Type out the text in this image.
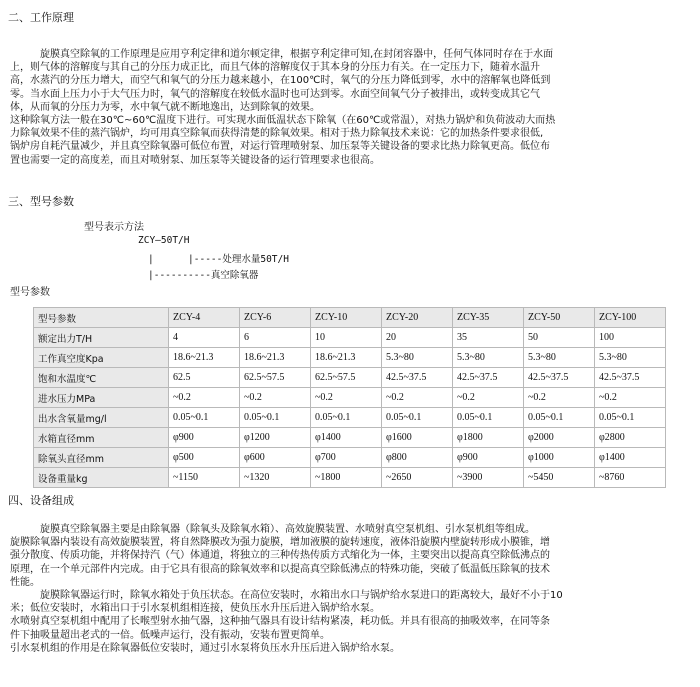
二、工作原理
旋膜真空除氧的工作原理是应用亨利定律和道尔顿定律，根据亨利定律可知,在封闭容器中，任何气体同时存在于水面
上，则气体的溶解度与其自己的分压力成正比，而且气体的溶解度仅于其本身的分压力有关。在一定压力下，随着水温升
高，水蒸汽的分压力增大，而空气和氧气的分压力越来越小，在100℃时，氧气的分压力降低到零，水中的溶解氧也降低到
零。当水面上压力小于大气压力时，氧气的溶解度在较低水温时也可达到零。水面空间氧气分子被排出，或转变成其它气
体，从而氧的分压力为零，水中氧气就不断地逸出，达到除氧的效果。
这种除氧方法一般在30℃~60℃温度下进行。可实现水面低温状态下除氧（在60℃或常温），对热力锅炉和负荷波动大而热
力除氧效果不佳的蒸汽锅炉，均可用真空除氧而获得清楚的除氧效果。相对于热力除氧技术来说：它的加热条件要求很低,
锅炉房自耗汽量减少，并且真空除氧器可低位布置，对运行管理喷射泵、加压泵等关键设备的要求比热力除氧更高。低位布
置也需要一定的高度差，而且对喷射泵、加压泵等关键设备的运行管理要求也很高。
三、型号参数
型号表示方法
ZCY—50T/H
|      |-----处理水量50T/H
|----------真空除氧器
型号参数
型号参数	ZCY-4	ZCY-6	ZCY-10	ZCY-20	ZCY-35	ZCY-50	ZCY-100
额定出力T/H	4	6	10	20	35	50	100
工作真空度Kpa	18.6~21.3	18.6~21.3	18.6~21.3	5.3~80	5.3~80	5.3~80	5.3~80
饱和水温度℃	62.5	62.5~57.5	62.5~57.5	42.5~37.5	42.5~37.5	42.5~37.5	42.5~37.5
进水压力MPa	~0.2	~0.2	~0.2	~0.2	~0.2	~0.2	~0.2
出水含氧量mg/l	0.05~0.1	0.05~0.1	0.05~0.1	0.05~0.1	0.05~0.1	0.05~0.1	0.05~0.1
水箱直径mm	φ900	φ1200	φ1400	φ1600	φ1800	φ2000	φ2800
除氧头直径mm	φ500	φ600	φ700	φ800	φ900	φ1000	φ1400
设备重量kg	~1150	~1320	~1800	~2650	~3900	~5450	~8760
四、设备组成
旋膜真空除氧器主要是由除氧器（除氧头及除氧水箱）、高效旋膜装置、水喷射真空泵机组、引水泵机组等组成。
旋膜除氧器内装设有高效旋膜装置，将自然降膜改为强力旋膜，增加液膜的旋转速度，液体沿旋膜内壁旋转形成小膜锥，增
强分散度、传质功能，并将保持汽（气）体通道，将独立的三种传热传质方式缩化为一体，主要突出以提高真空除低沸点的
原理，在一个单元部件内完成。由于它具有很高的除氧效率和以提高真空除低沸点的特殊功能，突破了低温低压除氧的技术
性能。
旋膜除氧器运行时，除氧水箱处于负压状态。在高位安装时，水箱出水口与锅炉给水泵进口的距离较大，最好不小于10
米；低位安装时，水箱出口于引水泵机组相连接，使负压水升压后进入锅炉给水泵。
水喷射真空泵机组中配用了长喉型射水抽气器，这种抽气器具有设计结构紧凑，耗功低。并具有很高的抽吸效率，在同等条
件下抽吸量超出老式的一倍。低噪声运行，没有振动，安装布置更简单。
引水泵机组的作用是在除氧器低位安装时，通过引水泵将负压水升压后进入锅炉给水泵。
